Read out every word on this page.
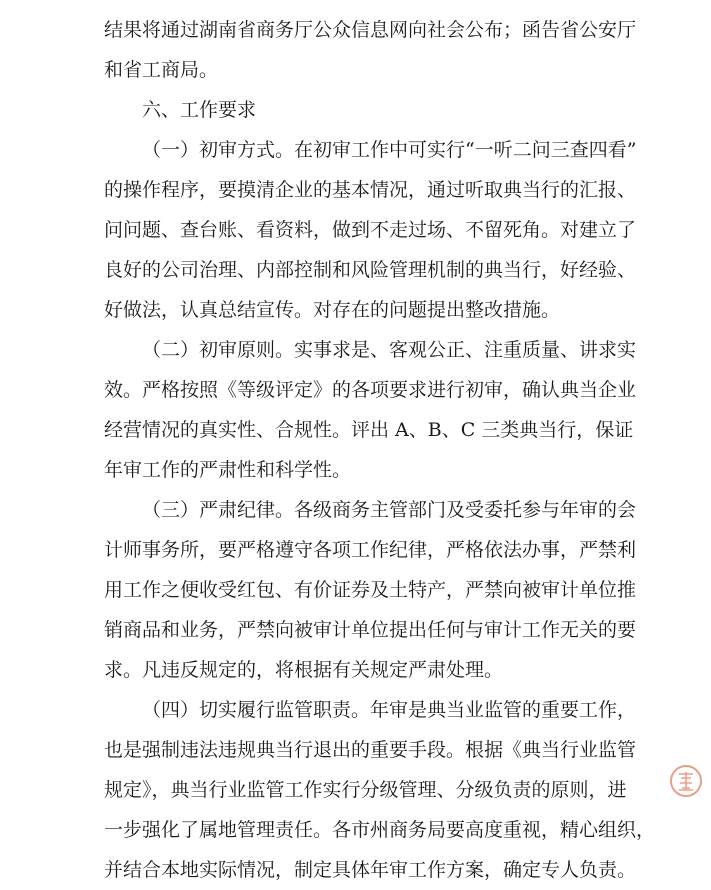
结果将通过湖南省商务厅公众信息网向社会公布；函告省公安厅
和省工商局。
六、工作要求
（一）初审方式。在初审工作中可实行“一听二问三查四看”
的操作程序，要摸清企业的基本情况，通过听取典当行的汇报、
问问题、查台账、看资料，做到不走过场、不留死角。对建立了
良好的公司治理、内部控制和风险管理机制的典当行，好经验、
好做法，认真总结宣传。对存在的问题提出整改措施。
（二）初审原则。实事求是、客观公正、注重质量、讲求实
效。严格按照《等级评定》的各项要求进行初审，确认典当企业
经营情况的真实性、合规性。评出 A、B、C 三类典当行，保证
年审工作的严肃性和科学性。
（三）严肃纪律。各级商务主管部门及受委托参与年审的会
计师事务所，要严格遵守各项工作纪律，严格依法办事，严禁利
用工作之便收受红包、有价证券及土特产，严禁向被审计单位推
销商品和业务，严禁向被审计单位提出任何与审计工作无关的要
求。凡违反规定的，将根据有关规定严肃处理。
（四）切实履行监管职责。年审是典当业监管的重要工作，
也是强制违法违规典当行退出的重要手段。根据《典当行业监管
规定》，典当行业监管工作实行分级管理、分级负责的原则，进
一步强化了属地管理责任。各市州商务局要高度重视，精心组织，
并结合本地实际情况，制定具体年审工作方案，确定专人负责。
